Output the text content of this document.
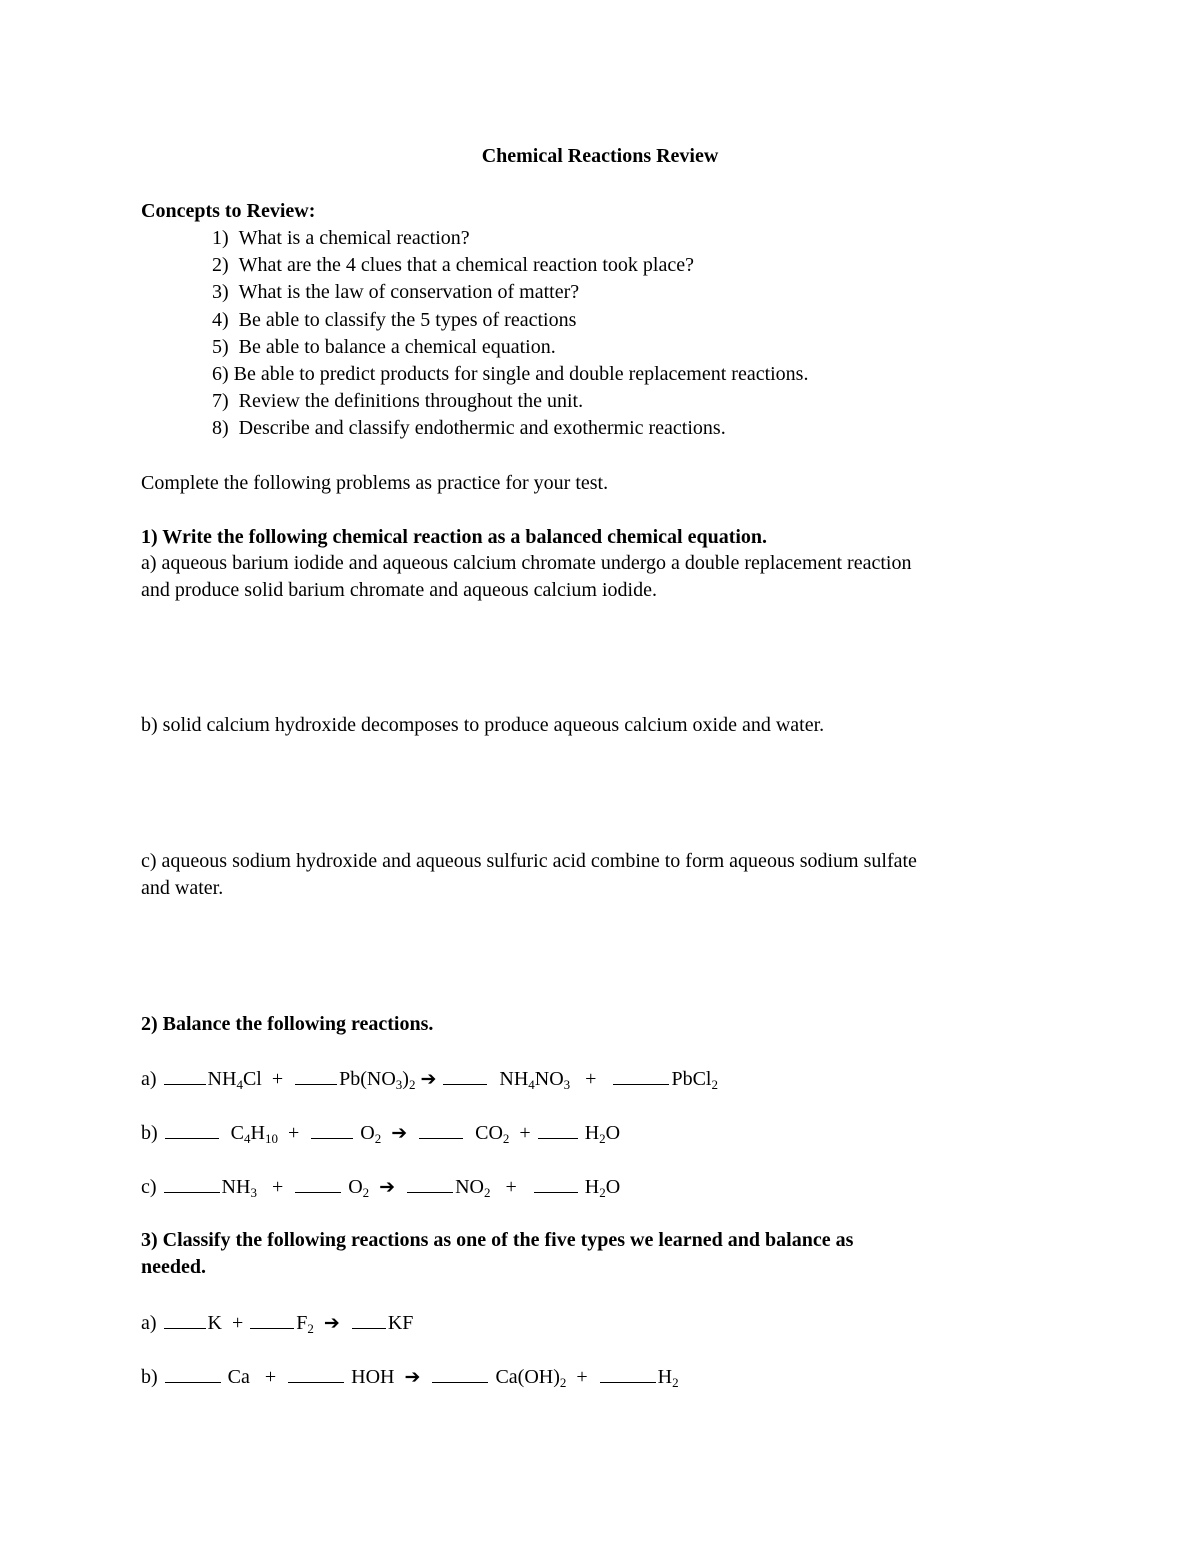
Chemical Reactions Review
Concepts to Review:
1) What is a chemical reaction?
2) What are the 4 clues that a chemical reaction took place?
3) What is the law of conservation of matter?
4) Be able to classify the 5 types of reactions
5) Be able to balance a chemical equation.
6) Be able to predict products for single and double replacement reactions.
7) Review the definitions throughout the unit.
8) Describe and classify endothermic and exothermic reactions.
Complete the following problems as practice for your test.
1) Write the following chemical reaction as a balanced chemical equation.
a) aqueous barium iodide and aqueous calcium chromate undergo a double replacement reaction
and produce solid barium chromate and aqueous calcium iodide.
b) solid calcium hydroxide decomposes to produce aqueous calcium oxide and water.
c) aqueous sodium hydroxide and aqueous sulfuric acid combine to form aqueous sodium sulfate
and water.
2) Balance the following reactions.
a)	NH4Cl +	Pb(NO3)2 ➔	NH4NO3 +	PbCl2
b)	C4H10 +	O2 ➔	CO2 +	H2O
c)	NH3 +	O2 ➔	NO2 +	H2O
3) Classify the following reactions as one of the five types we learned and balance as
needed.
a)	K +	F2 ➔ KF
b)	Ca +	HOH ➔	Ca(OH)2 +	H2
